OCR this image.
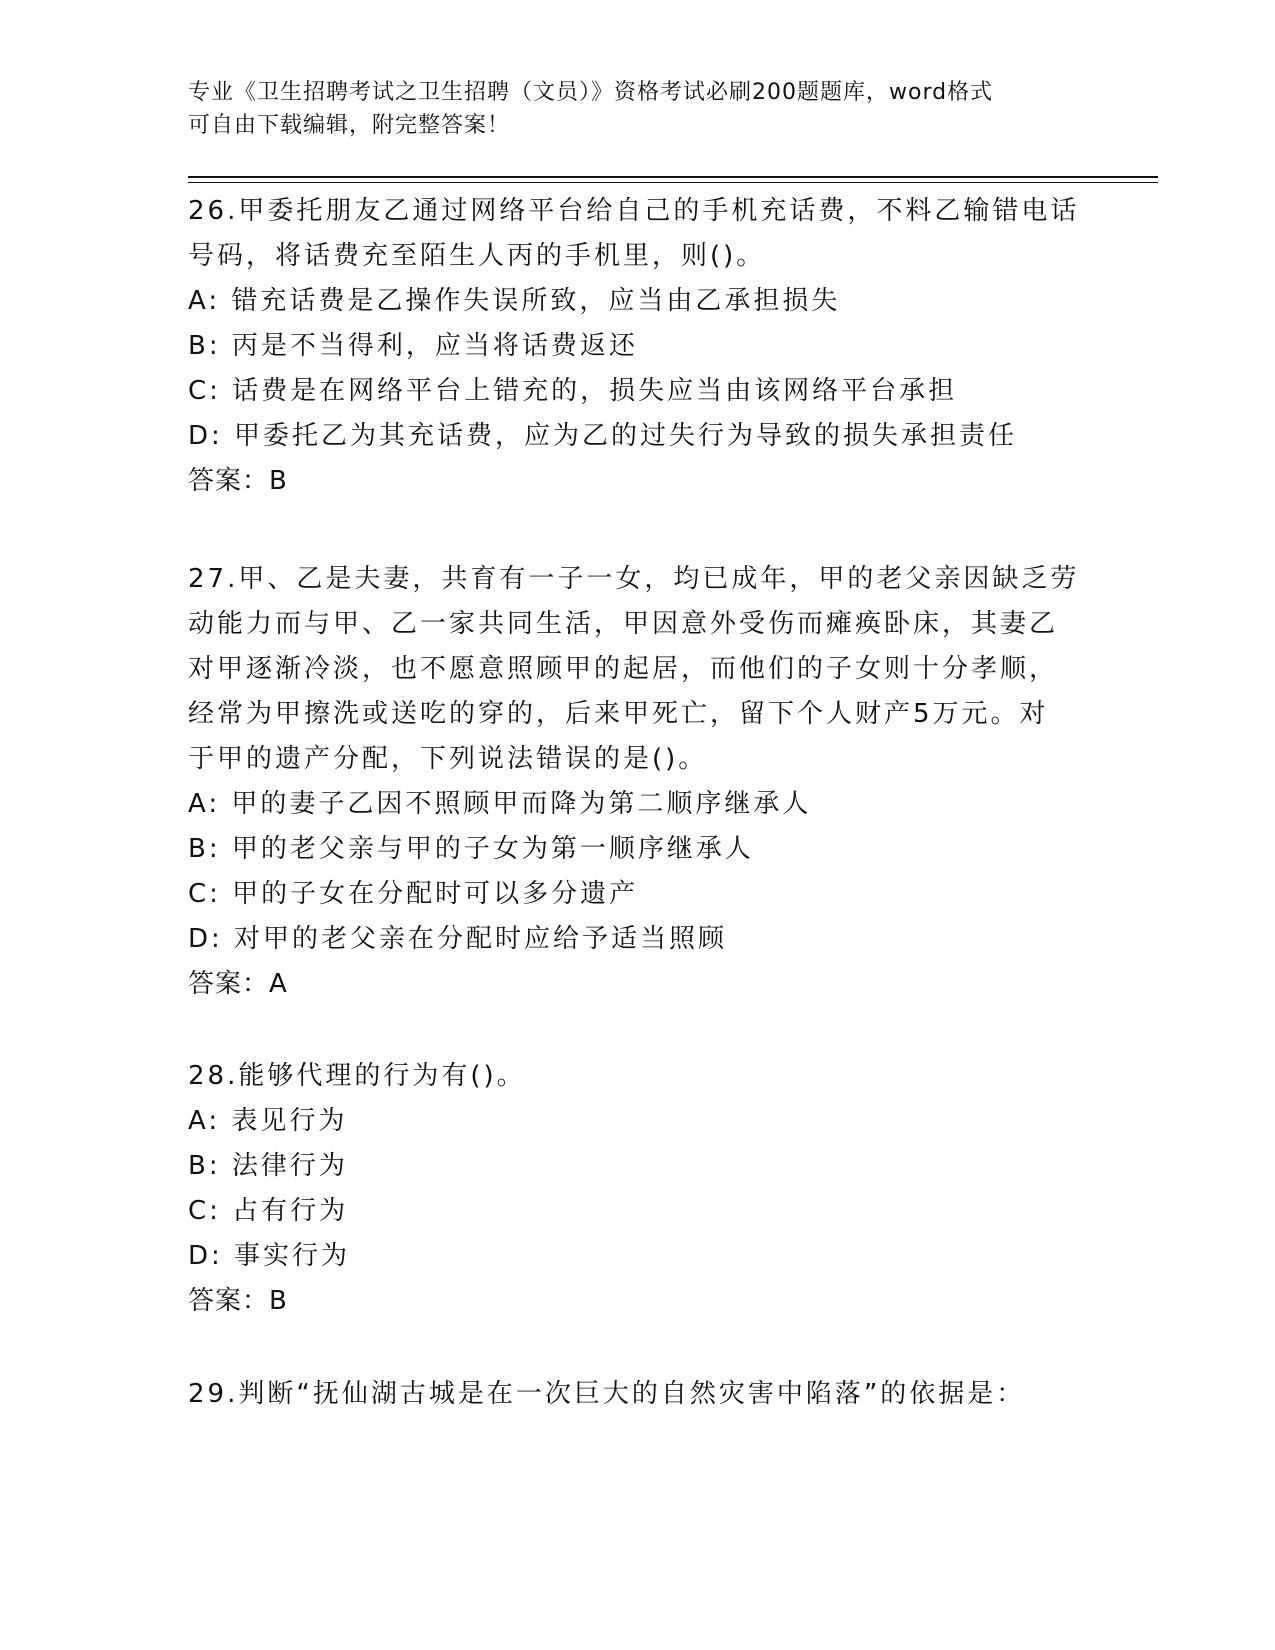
专业《卫生招聘考试之卫生招聘（文员）》资格考试必刷200题题库，word格式
可自由下载编辑，附完整答案！
26.甲委托朋友乙通过网络平台给自己的手机充话费，不料乙输错电话
号码，将话费充至陌生人丙的手机里，则()。
A: 错充话费是乙操作失误所致，应当由乙承担损失
B: 丙是不当得利，应当将话费返还
C: 话费是在网络平台上错充的，损失应当由该网络平台承担
D: 甲委托乙为其充话费，应为乙的过失行为导致的损失承担责任
答案：B
27.甲、乙是夫妻，共育有一子一女，均已成年，甲的老父亲因缺乏劳
动能力而与甲、乙一家共同生活，甲因意外受伤而瘫痪卧床，其妻乙
对甲逐渐冷淡，也不愿意照顾甲的起居，而他们的子女则十分孝顺，
经常为甲擦洗或送吃的穿的，后来甲死亡，留下个人财产5万元。对
于甲的遗产分配，下列说法错误的是()。
A: 甲的妻子乙因不照顾甲而降为第二顺序继承人
B: 甲的老父亲与甲的子女为第一顺序继承人
C: 甲的子女在分配时可以多分遗产
D: 对甲的老父亲在分配时应给予适当照顾
答案：A
28.能够代理的行为有()。
A: 表见行为
B: 法律行为
C: 占有行为
D: 事实行为
答案：B
29.判断“抚仙湖古城是在一次巨大的自然灾害中陷落”的依据是：
